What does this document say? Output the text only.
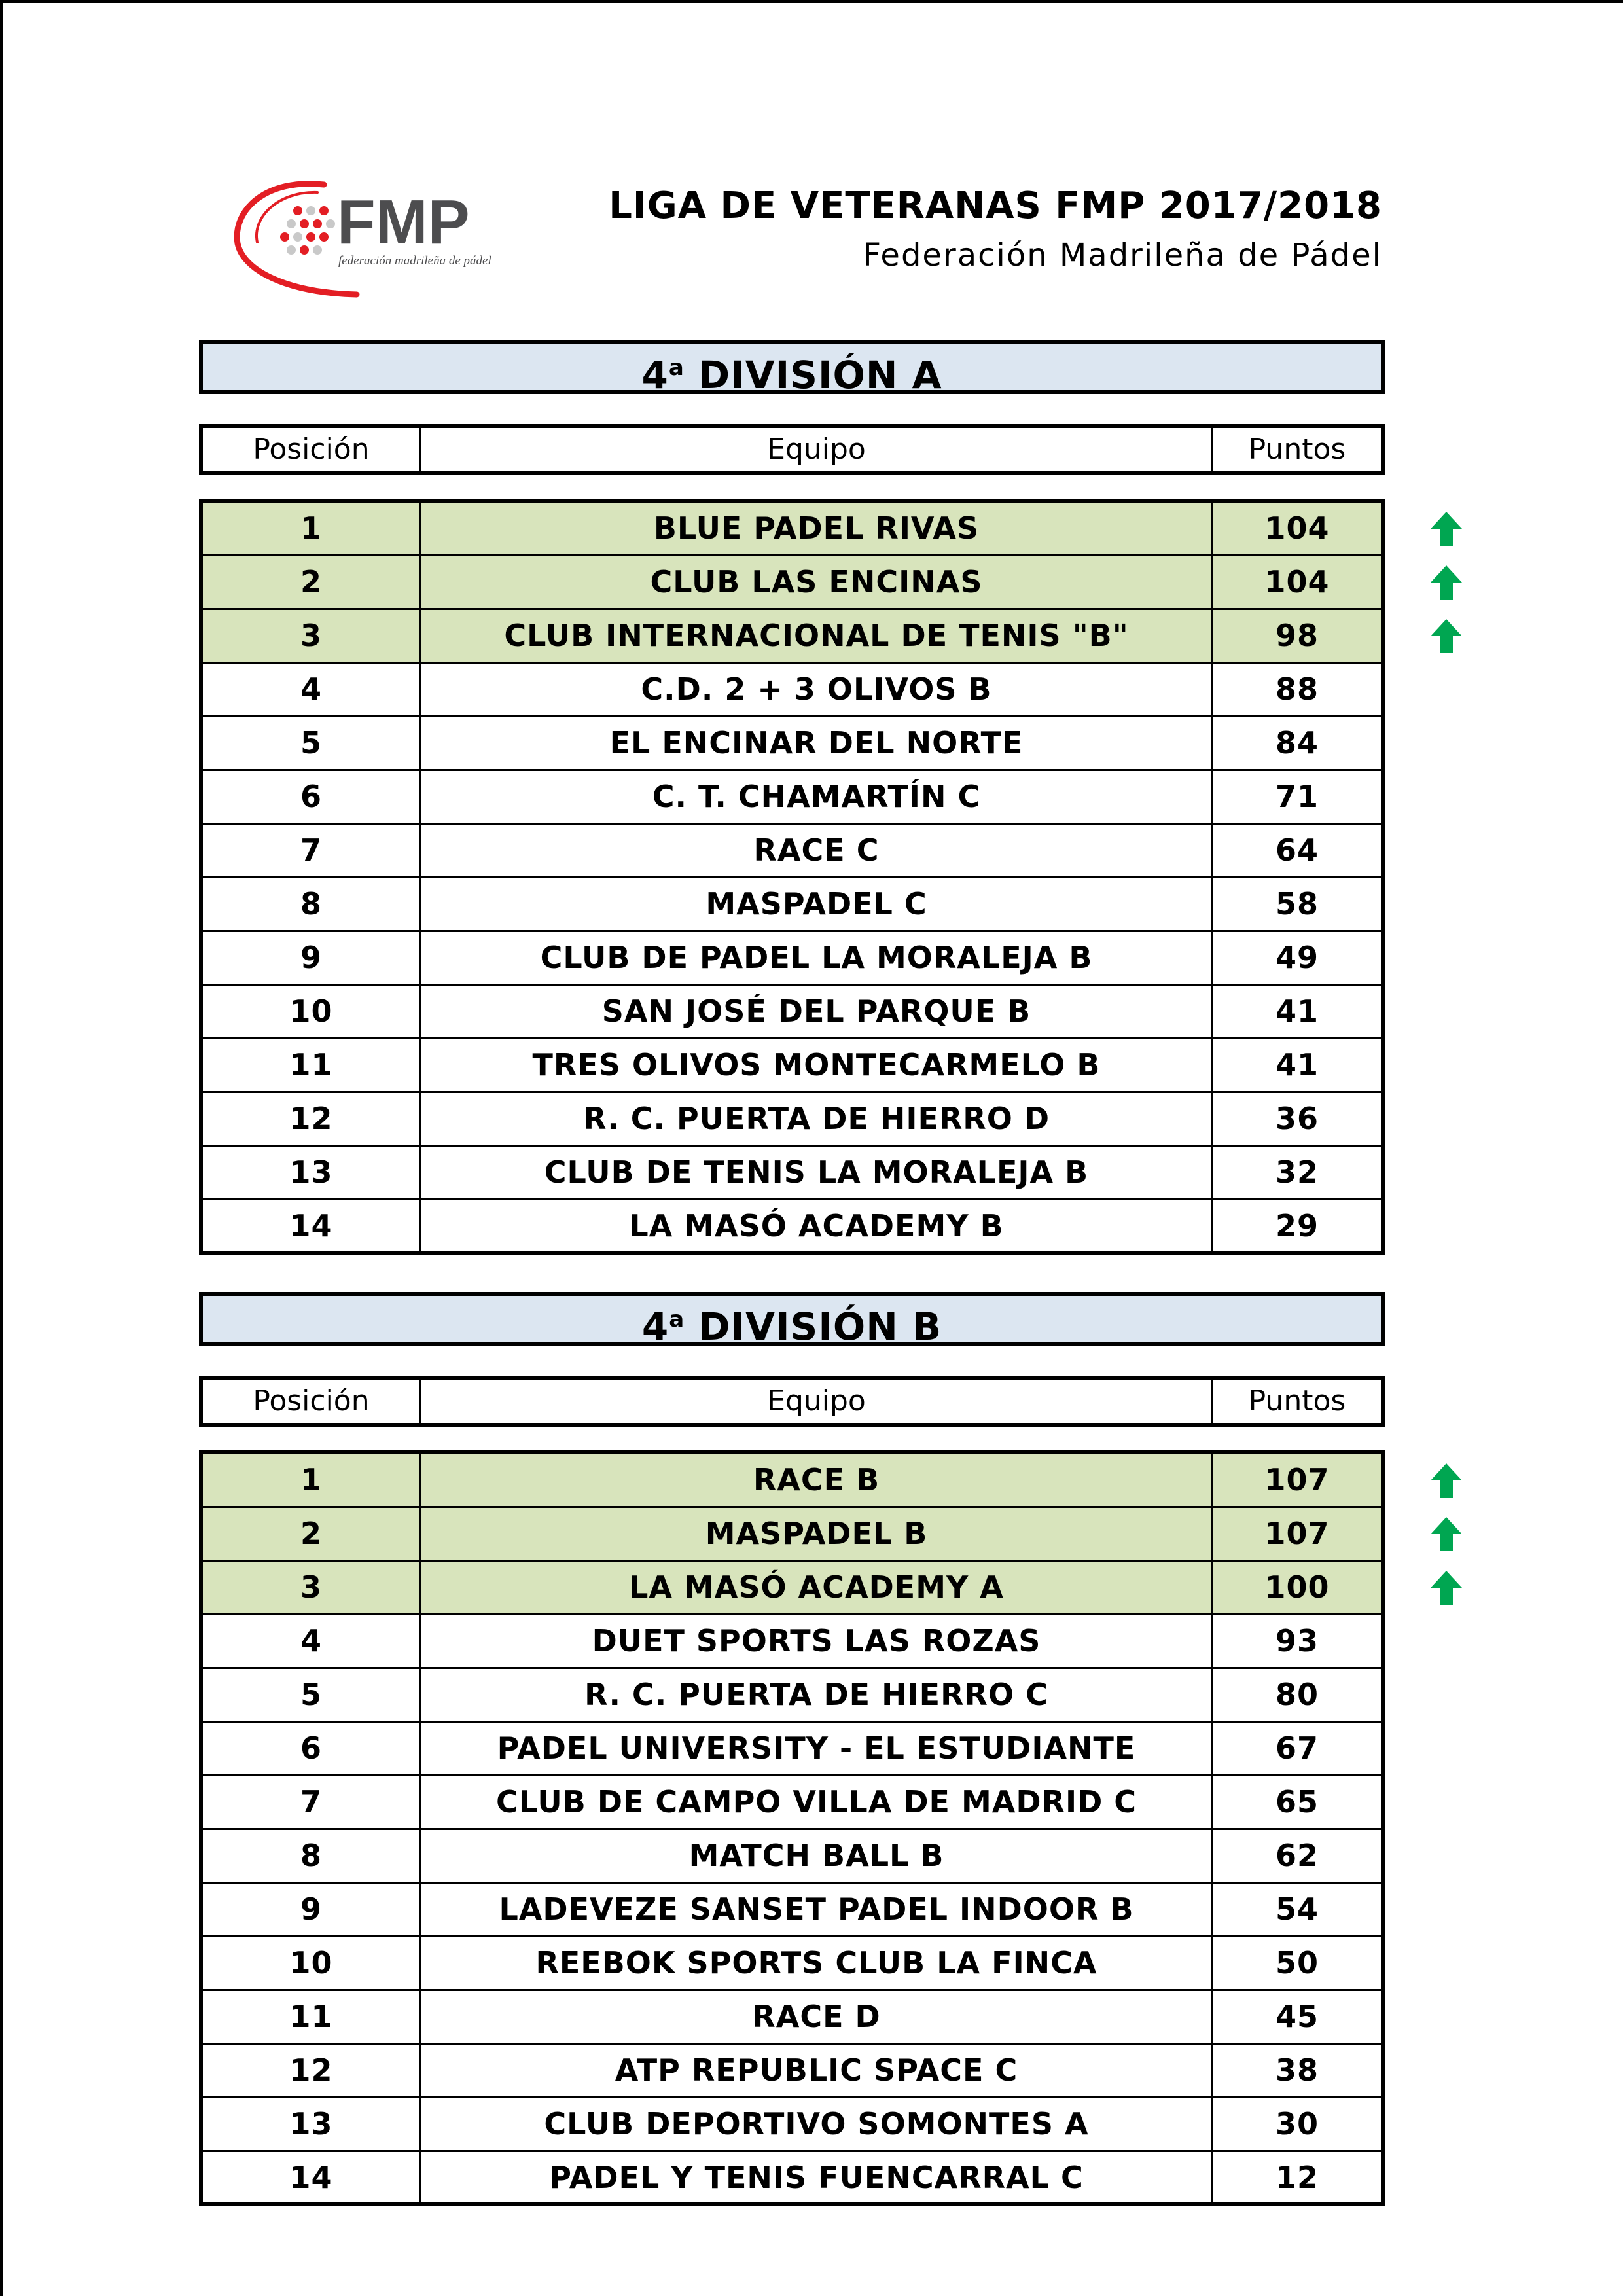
FMP
federación madrileña de pádel
LIGA DE VETERANAS FMP 2017/2018
Federación Madrileña de Pádel
4$^a$ DIVISIÓN A
Posición	Equipo	Puntos
1	BLUE PADEL RIVAS	104
2	CLUB LAS ENCINAS	104
3	CLUB INTERNACIONAL DE TENIS "B"	98
4	C.D. 2 + 3 OLIVOS B	88
5	EL ENCINAR DEL NORTE	84
6	C. T. CHAMARTÍN C	71
7	RACE C	64
8	MASPADEL C	58
9	CLUB DE PADEL LA MORALEJA B	49
10	SAN JOSÉ DEL PARQUE B	41
11	TRES OLIVOS MONTECARMELO B	41
12	R. C. PUERTA DE HIERRO D	36
13	CLUB DE TENIS LA MORALEJA B	32
14	LA MASÓ ACADEMY B	29
4$^a$ DIVISIÓN B
Posición	Equipo	Puntos
1	RACE B	107
2	MASPADEL B	107
3	LA MASÓ ACADEMY A	100
4	DUET SPORTS LAS ROZAS	93
5	R. C. PUERTA DE HIERRO C	80
6	PADEL UNIVERSITY - EL ESTUDIANTE	67
7	CLUB DE CAMPO VILLA DE MADRID C	65
8	MATCH BALL B	62
9	LADEVEZE SANSET PADEL INDOOR B	54
10	REEBOK SPORTS CLUB LA FINCA	50
11	RACE D	45
12	ATP REPUBLIC SPACE C	38
13	CLUB DEPORTIVO SOMONTES A	30
14	PADEL Y TENIS FUENCARRAL C	12
